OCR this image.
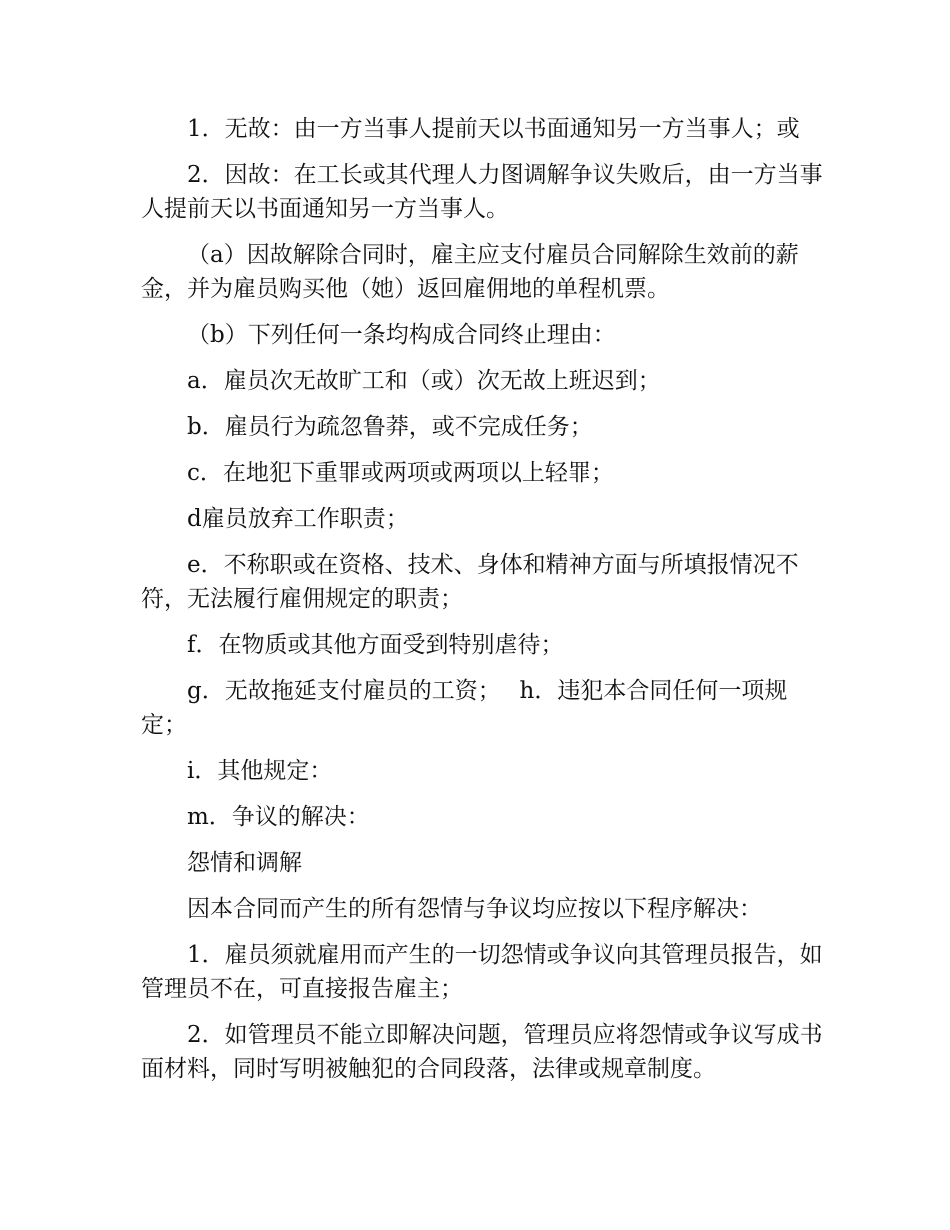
1．无故：由一方当事人提前天以书面通知另一方当事人；或

2．因故：在工长或其代理人力图调解争议失败后，由一方当事人提前天以书面通知另一方当事人。

（a）因故解除合同时，雇主应支付雇员合同解除生效前的薪金，并为雇员购买他（她）返回雇佣地的单程机票。

（b）下列任何一条均构成合同终止理由：

a．雇员次无故旷工和（或）次无故上班迟到；

b．雇员行为疏忽鲁莽，或不完成任务；

c．在地犯下重罪或两项或两项以上轻罪；

d雇员放弃工作职责；

e．不称职或在资格、技术、身体和精神方面与所填报情况不符，无法履行雇佣规定的职责；

f．在物质或其他方面受到特别虐待；

g．无故拖延支付雇员的工资；　 h．违犯本合同任何一项规定；

i．其他规定：

m．争议的解决：

怨情和调解

因本合同而产生的所有怨情与争议均应按以下程序解决：

1．雇员须就雇用而产生的一切怨情或争议向其管理员报告，如管理员不在，可直接报告雇主；

2．如管理员不能立即解决问题，管理员应将怨情或争议写成书面材料，同时写明被触犯的合同段落，法律或规章制度。
